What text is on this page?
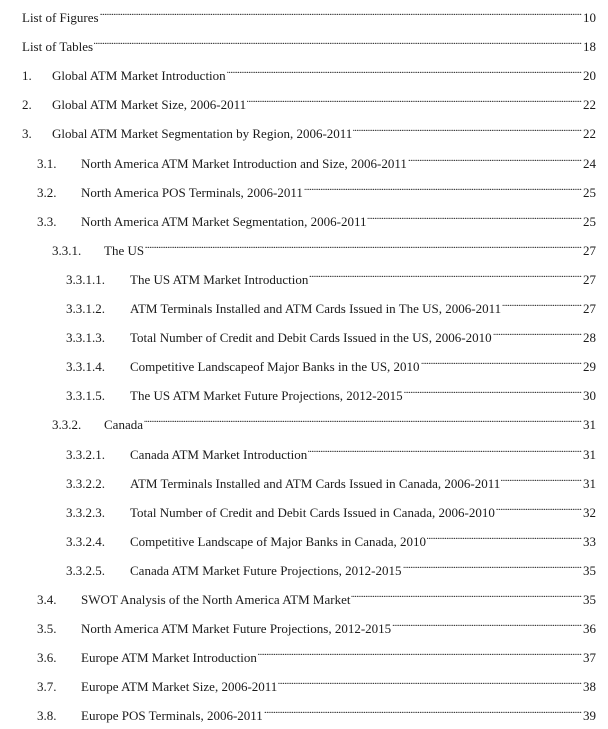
List of Figures . . .	10
List of Tables . . .	18
1.	Global ATM Market Introduction . . .	20
2.	Global ATM Market Size, 2006-2011 . . .	22
3.	Global ATM Market Segmentation by Region, 2006-2011 . . .	22
3.1.	North America ATM Market Introduction and Size, 2006-2011 . . .	24
3.2.	North America POS Terminals, 2006-2011 . . .	25
3.3.	North America ATM Market Segmentation, 2006-2011 . . .	25
3.3.1.	The US . . .	27
3.3.1.1.	The US ATM Market Introduction . . .	27
3.3.1.2.	ATM Terminals Installed and ATM Cards Issued in The US, 2006-2011 . . .	27
3.3.1.3.	Total Number of Credit and Debit Cards Issued in the US, 2006-2010 . . .	28
3.3.1.4.	Competitive Landscapeof Major Banks in the US, 2010 . . .	29
3.3.1.5.	The US ATM Market Future Projections, 2012-2015 . . .	30
3.3.2.	Canada . . .	31
3.3.2.1.	Canada ATM Market Introduction . . .	31
3.3.2.2.	ATM Terminals Installed and ATM Cards Issued in Canada, 2006-2011 . . .	31
3.3.2.3.	Total Number of Credit and Debit Cards Issued in Canada, 2006-2010 . . .	32
3.3.2.4.	Competitive Landscape of Major Banks in Canada, 2010 . . .	33
3.3.2.5.	Canada ATM Market Future Projections, 2012-2015 . . .	35
3.4.	SWOT Analysis of the North America ATM Market . . .	35
3.5.	North America ATM Market Future Projections, 2012-2015 . . .	36
3.6.	Europe ATM Market Introduction . . .	37
3.7.	Europe ATM Market Size, 2006-2011 . . .	38
3.8.	Europe POS Terminals, 2006-2011 . . .	39
